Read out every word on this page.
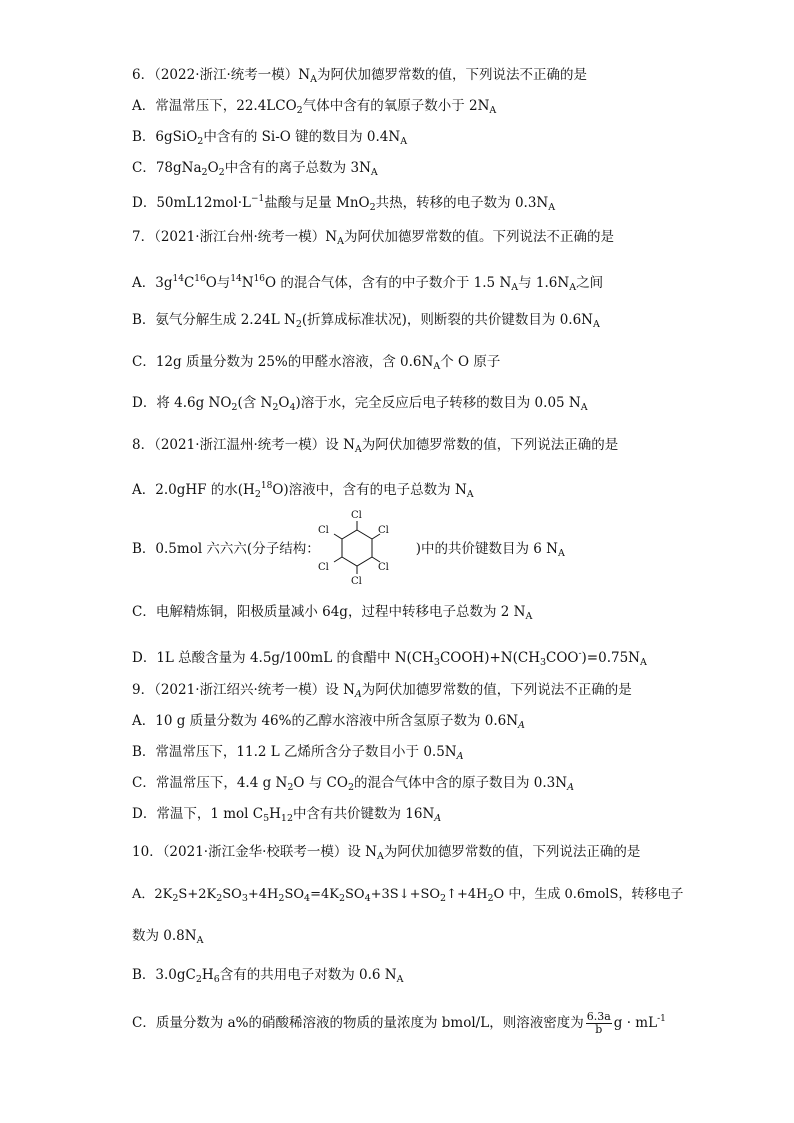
6．（2022·浙江·统考一模）$N_A$为阿伏加德罗常数的值，下列说法不正确的是
A．常温常压下，$22.4LCO_2$气体中含有的氧原子数小于 $2N_A$
B．6gSiO$_2$中含有的 Si-O 键的数目为 $0.4N_A$
C．$78gNa_2O_2$中含有的离子总数为 $3N_A$
D．$50mL12mol\cdot L^{-1}$盐酸与足量 MnO$_2$共热，转移的电子数为 $0.3N_A$
7．（2021·浙江台州·统考一模）$N_A$为阿伏加德罗常数的值。下列说法不正确的是
A．$3g^{14}C^{16}O$与$^{14}N^{16}O$ 的混合气体，含有的中子数介于 1.5 $N_A$与 $1.6N_A$之间
B．氨气分解生成 2.24L $N_2$(折算成标准状况)，则断裂的共价键数目为 $0.6N_A$
C．12g 质量分数为 25%的甲醛水溶液，含 $0.6N_A$个 O 原子
D．将 4.6g $NO_2$(含 $N_2O_4$)溶于水，完全反应后电子转移的数目为 0.05 $N_A$
8．（2021·浙江温州·统考一模）设 $N_A$为阿伏加德罗常数的值，下列说法正确的是
A．2.0gHF 的水$(H_2^{18}O)$溶液中，含有的电子总数为 $N_A$
B．0.5mol 六六六(分子结构：	)中的共价键数目为 6 $N_A$
Cl
Cl
Cl
Cl
Cl
Cl
C．电解精炼铜，阳极质量减小 64g，过程中转移电子总数为 2 $N_A$
D．1L 总酸含量为 4.5g/100mL 的食醋中 $N(CH_3COOH)+N(CH_3COO^-)=0.75N_A$
9．（2021·浙江绍兴·统考一模）设 $N_A$为阿伏加德罗常数的值，下列说法不正确的是
A．10 g 质量分数为 46%的乙醇水溶液中所含氢原子数为 $0.6N_A$
B．常温常压下，11.2 L 乙烯所含分子数目小于 $0.5N_A$
C．常温常压下，4.4 g $N_2O$ 与 $CO_2$的混合气体中含的原子数目为 $0.3N_A$
D．常温下，1 mol $C_5H_{12}$中含有共价键数为 $16N_A$
10．（2021·浙江金华·校联考一模）设 $N_A$为阿伏加德罗常数的值，下列说法正确的是
A．$2K_2S+2K_2SO_3+4H_2SO_4=4K_2SO_4+3S↓+SO_2↑+4H_2O$ 中，生成 0.6molS，转移电子
数为 $0.8N_A$
B．$3.0gC_2H_6$含有的共用电子对数为 0.6 $N_A$
C．质量分数为 a%的硝酸稀溶液的物质的量浓度为 bmol/L，则溶液密度为 $\frac{6.3a}{b}$ $g \cdot mL^{-1}$
